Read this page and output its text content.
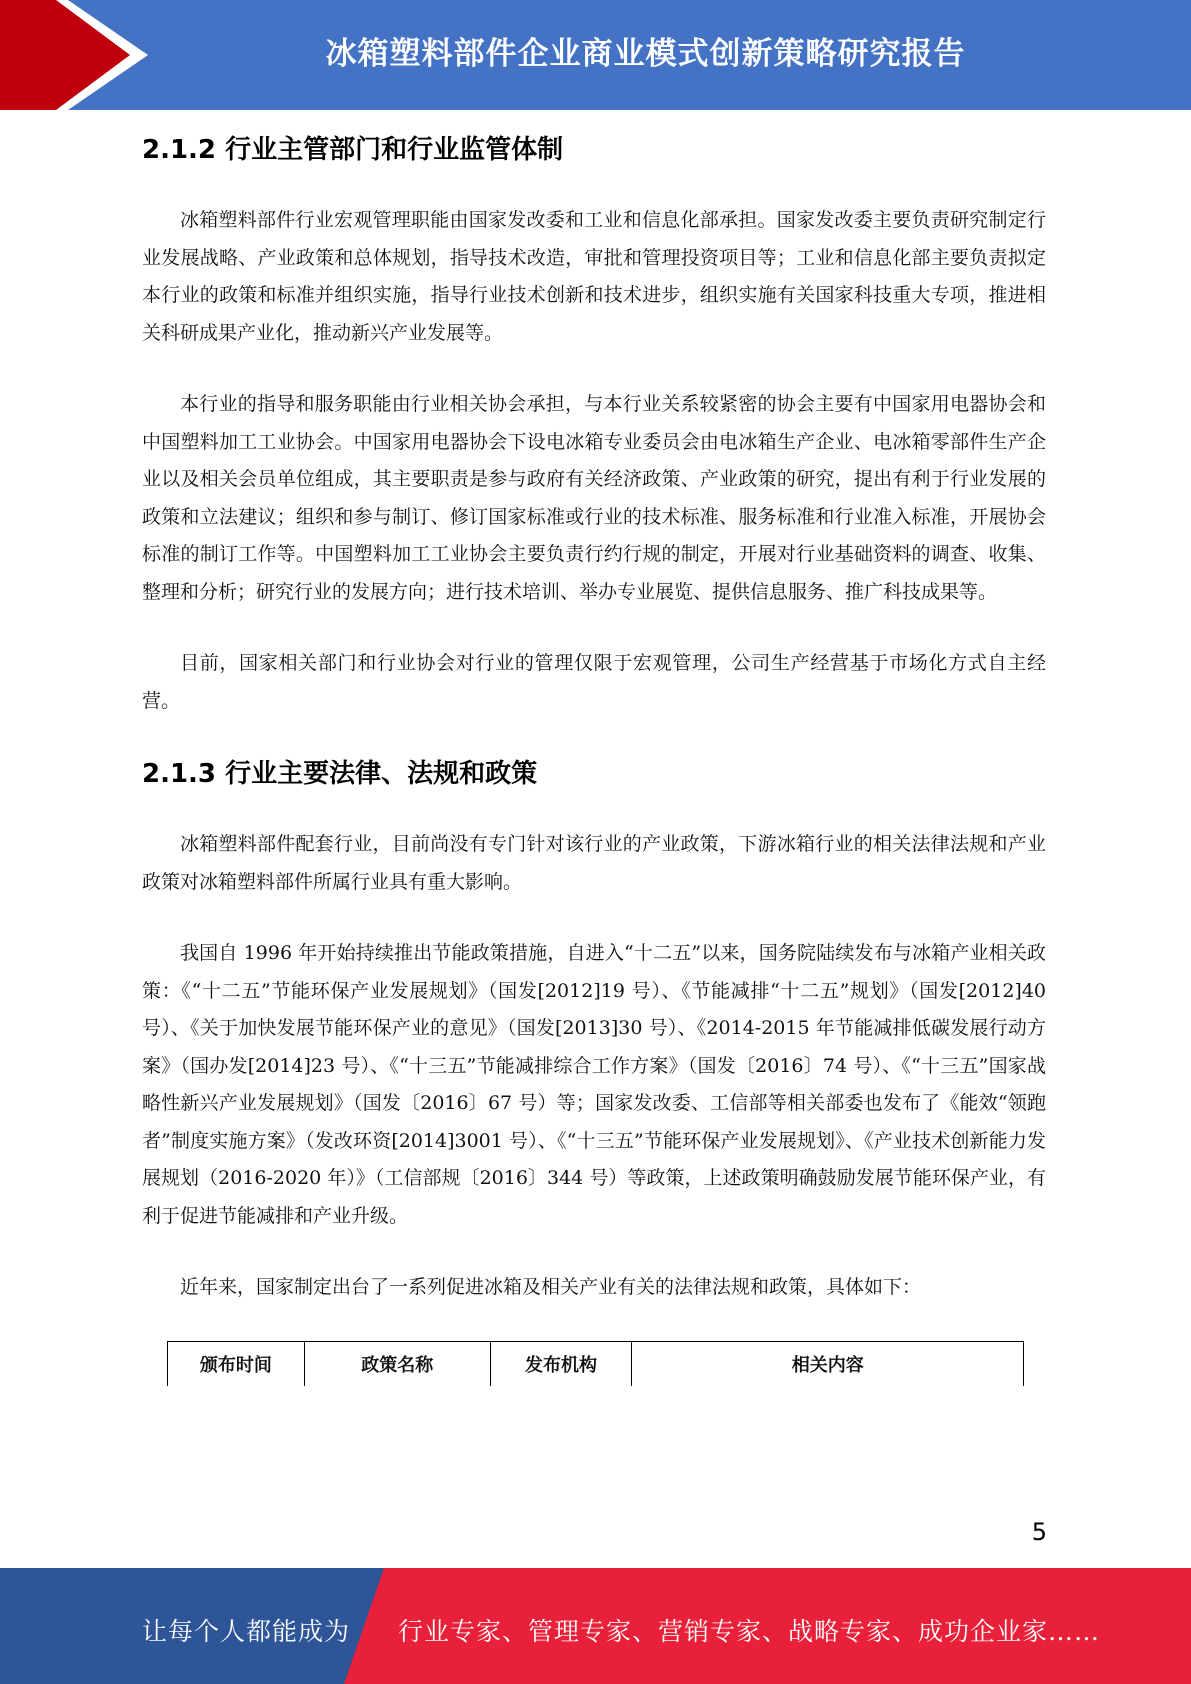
冰箱塑料部件企业商业模式创新策略研究报告
2.1.2 行业主管部门和行业监管体制

冰箱塑料部件行业宏观管理职能由国家发改委和工业和信息化部承担。国家发改委主要负责研究制定行业发展战略、产业政策和总体规划，指导技术改造，审批和管理投资项目等；工业和信息化部主要负责拟定本行业的政策和标准并组织实施，指导行业技术创新和技术进步，组织实施有关国家科技重大专项，推进相关科研成果产业化，推动新兴产业发展等。

本行业的指导和服务职能由行业相关协会承担，与本行业关系较紧密的协会主要有中国家用电器协会和中国塑料加工工业协会。中国家用电器协会下设电冰箱专业委员会由电冰箱生产企业、电冰箱零部件生产企业以及相关会员单位组成，其主要职责是参与政府有关经济政策、产业政策的研究，提出有利于行业发展的政策和立法建议；组织和参与制订、修订国家标准或行业的技术标准、服务标准和行业准入标准，开展协会标准的制订工作等。中国塑料加工工业协会主要负责行约行规的制定，开展对行业基础资料的调查、收集、整理和分析；研究行业的发展方向；进行技术培训、举办专业展览、提供信息服务、推广科技成果等。

目前，国家相关部门和行业协会对行业的管理仅限于宏观管理，公司生产经营基于市场化方式自主经营。

2.1.3 行业主要法律、法规和政策

冰箱塑料部件配套行业，目前尚没有专门针对该行业的产业政策，下游冰箱行业的相关法律法规和产业政策对冰箱塑料部件所属行业具有重大影响。

我国自 1996 年开始持续推出节能政策措施，自进入“十二五”以来，国务院陆续发布与冰箱产业相关政策：《“十二五”节能环保产业发展规划》（国发[2012]19 号）、《节能减排“十二五”规划》（国发[2012]40 号）、《关于加快发展节能环保产业的意见》（国发[2013]30 号）、《2014-2015 年节能减排低碳发展行动方案》（国办发[2014]23 号）、《“十三五”节能减排综合工作方案》（国发〔2016〕74 号）、《“十三五”国家战略性新兴产业发展规划》（国发〔2016〕67 号）等；国家发改委、工信部等相关部委也发布了《能效“领跑者”制度实施方案》（发改环资[2014]3001 号）、《“十三五”节能环保产业发展规划》、《产业技术创新能力发展规划（2016-2020 年）》（工信部规〔2016〕344 号）等政策，上述政策明确鼓励发展节能环保产业，有利于促进节能减排和产业升级。

近年来，国家制定出台了一系列促进冰箱及相关产业有关的法律法规和政策，具体如下：

颁布时间	政策名称	发布机构	相关内容
5
让每个人都能成为 行业专家、管理专家、营销专家、战略专家、成功企业家……
